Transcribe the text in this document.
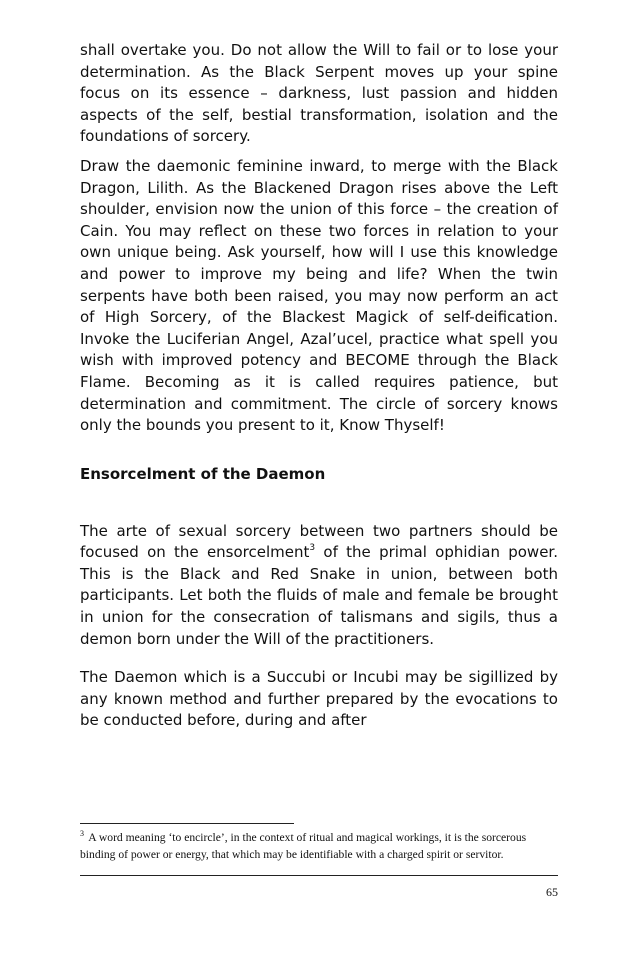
shall overtake you. Do not allow the Will to fail or to lose your determination. As the Black Serpent moves up your spine focus on its essence – darkness, lust passion and hidden aspects of the self, bestial transformation, isolation and the foundations of sorcery.

Draw the daemonic feminine inward, to merge with the Black Dragon, Lilith. As the Blackened Dragon rises above the Left shoulder, envision now the union of this force – the creation of Cain. You may reflect on these two forces in relation to your own unique being. Ask yourself, how will I use this knowledge and power to improve my being and life? When the twin serpents have both been raised, you may now perform an act of High Sorcery, of the Blackest Magick of self-deification. Invoke the Luciferian Angel, Azal’ucel, practice what spell you wish with improved potency and BECOME through the Black Flame. Becoming as it is called requires patience, but determination and commitment. The circle of sorcery knows only the bounds you present to it, Know Thyself!

Ensorcelment of the Daemon

The arte of sexual sorcery between two partners should be focused on the ensorcelment$^3$ of the primal ophidian power. This is the Black and Red Snake in union, between both participants. Let both the fluids of male and female be brought in union for the consecration of talismans and sigils, thus a demon born under the Will of the practitioners.

The Daemon which is a Succubi or Incubi may be sigillized by any known method and further prepared by the evocations to be conducted before, during and after

$^3$ A word meaning ‘to encircle’, in the context of ritual and magical workings, it is the sorcerous binding of power or energy, that which may be identifiable with a charged spirit or servitor.
65
